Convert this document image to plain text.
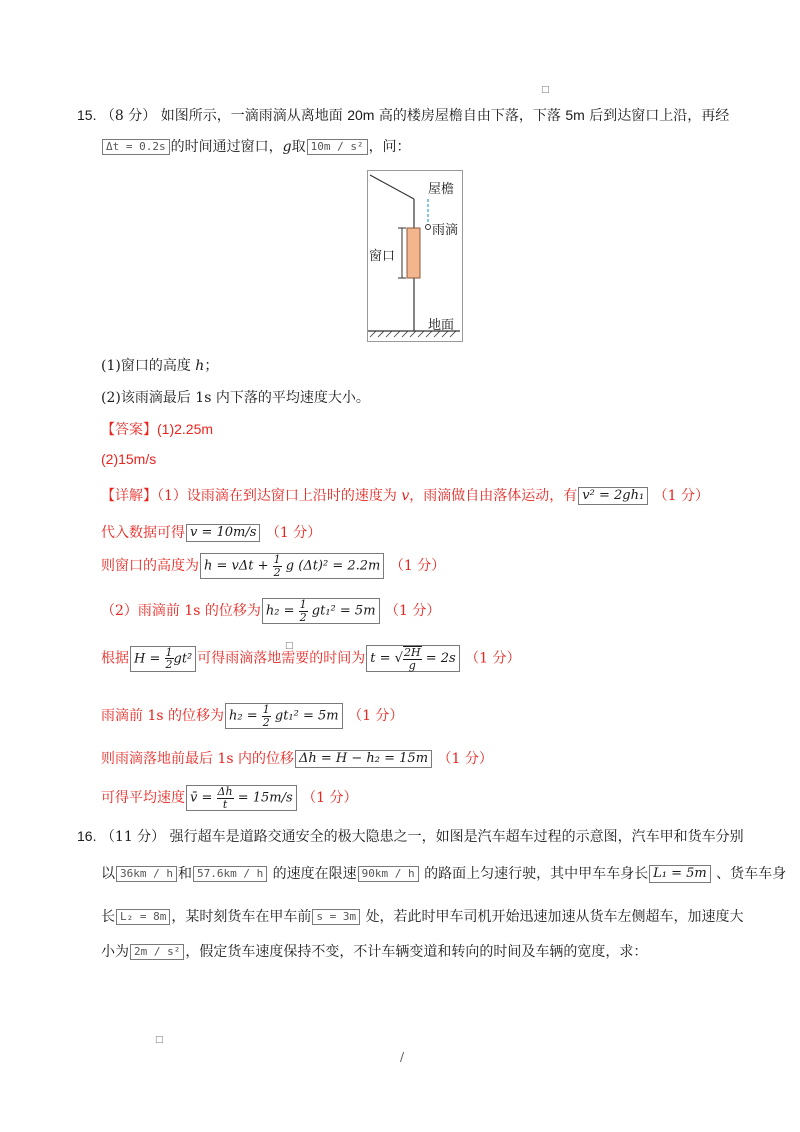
□
□
□
15. （8 分） 如图所示，一滴雨滴从离地面 20m 高的楼房屋檐自由下落，下落 5m 后到达窗口上沿，再经
Δt = 0.2s 的时间通过窗口，g取 10m / s² ，问：
屋檐
雨滴
窗口
地面
(1)窗口的高度 h；
(2)该雨滴最后 1s 内下落的平均速度大小。
【答案】(1)2.25m
(2)15m/s
【详解】（1）设雨滴在到达窗口上沿时的速度为 v，雨滴做自由落体运动，有 v² = 2gh₁ （1 分）
代入数据可得 v = 10m/s （1 分）
则窗口的高度为 $h = v\Delta t + \frac{1}{2}$ g (Δt)² = 2.2m （1 分）
（2）雨滴前 1s 的位移为 $h_2 = \frac{1}{2} gt_1^2 = 5m$ （1 分）
根据 $H = \frac{1}{2} gt^2$ 可得雨滴落地需要的时间为 t = √ $\frac{2H}{g} = 2s$ （1 分）
雨滴前 1s 的位移为 $h_2 = \frac{1}{2} gt_1^2 = 5m$ （1 分）
则雨滴落地前最后 1s 内的位移 Δh = H − h₂ = 15m （1 分）
可得平均速度 v̄ = $\frac{\Delta h}{t} = 15m/s$ （1 分）
16. （11 分） 强行超车是道路交通安全的极大隐患之一，如图是汽车超车过程的示意图，汽车甲和货车分别
以 36km / h 和 57.6km / h 的速度在限速 90km / h 的路面上匀速行驶，其中甲车车身长 L₁ = 5m 、货车车身
长 L₂ = 8m ，某时刻货车在甲车前 s = 3m 处，若此时甲车司机开始迅速加速从货车左侧超车，加速度大
小为 2m / s² ，假定货车速度保持不变，不计车辆变道和转向的时间及车辆的宽度，求：
/
